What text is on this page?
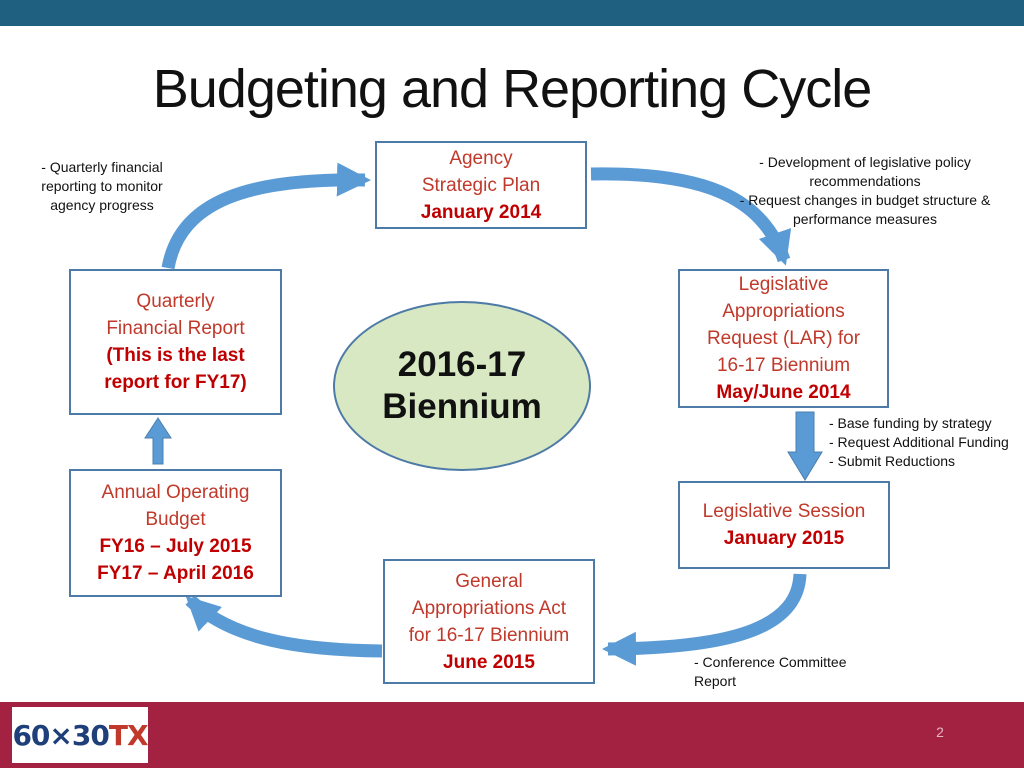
Budgeting and Reporting Cycle
Agency
Strategic Plan
January 2014
Legislative
Appropriations
Request (LAR) for
16-17 Biennium
May/June 2014
Legislative Session
January 2015
General
Appropriations Act
for 16-17 Biennium
June 2015
Annual Operating
Budget
FY16 – July 2015
FY17 – April 2016
Quarterly
Financial Report
(This is the last
report for FY17)	2016-17
Biennium
- Quarterly financial
reporting to monitor
agency progress
- Development of legislative policy
recommendations
- Request changes in budget structure &
performance measures
- Base funding by strategy
- Request Additional Funding
- Submit Reductions
- Conference Committee
Report
60×30TX	2
